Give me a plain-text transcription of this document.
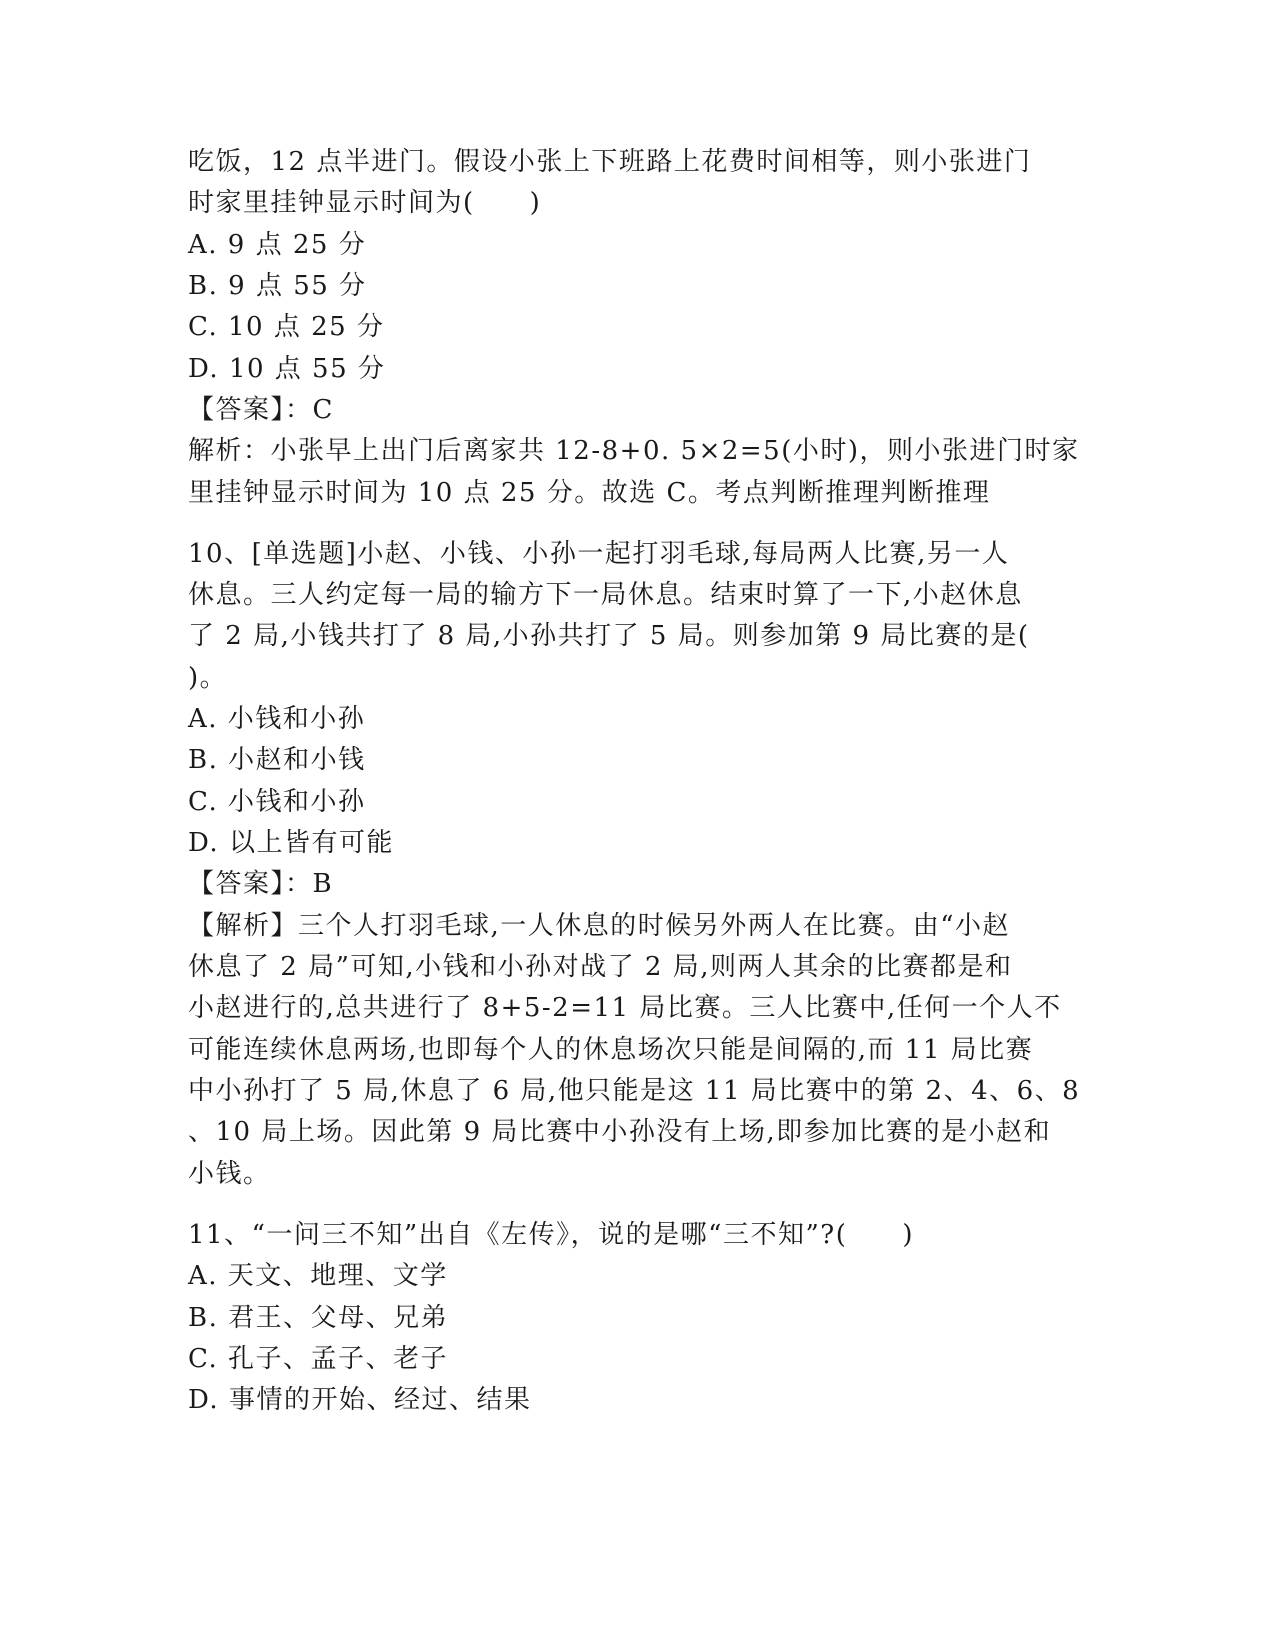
吃饭，12 点半进门。假设小张上下班路上花费时间相等，则小张进门
时家里挂钟显示时间为(　　)
A. 9 点 25 分
B. 9 点 55 分
C. 10 点 25 分
D. 10 点 55 分
【答案】：C
解析：小张早上出门后离家共 12-8+0. 5×2=5(小时)，则小张进门时家
里挂钟显示时间为 10 点 25 分。故选 C。考点判断推理判断推理
10、[单选题]小赵、小钱、小孙一起打羽毛球,每局两人比赛,另一人
休息。三人约定每一局的输方下一局休息。结束时算了一下,小赵休息
了 2 局,小钱共打了 8 局,小孙共打了 5 局。则参加第 9 局比赛的是(
)。
A. 小钱和小孙
B. 小赵和小钱
C. 小钱和小孙
D. 以上皆有可能
【答案】：B
【解析】三个人打羽毛球,一人休息的时候另外两人在比赛。由“小赵
休息了 2 局”可知,小钱和小孙对战了 2 局,则两人其余的比赛都是和
小赵进行的,总共进行了 8+5-2=11 局比赛。三人比赛中,任何一个人不
可能连续休息两场,也即每个人的休息场次只能是间隔的,而 11 局比赛
中小孙打了 5 局,休息了 6 局,他只能是这 11 局比赛中的第 2、4、6、8
、10 局上场。因此第 9 局比赛中小孙没有上场,即参加比赛的是小赵和
小钱。
11、“一问三不知”出自《左传》，说的是哪“三不知”?(　　)
A. 天文、地理、文学
B. 君王、父母、兄弟
C. 孔子、孟子、老子
D. 事情的开始、经过、结果
